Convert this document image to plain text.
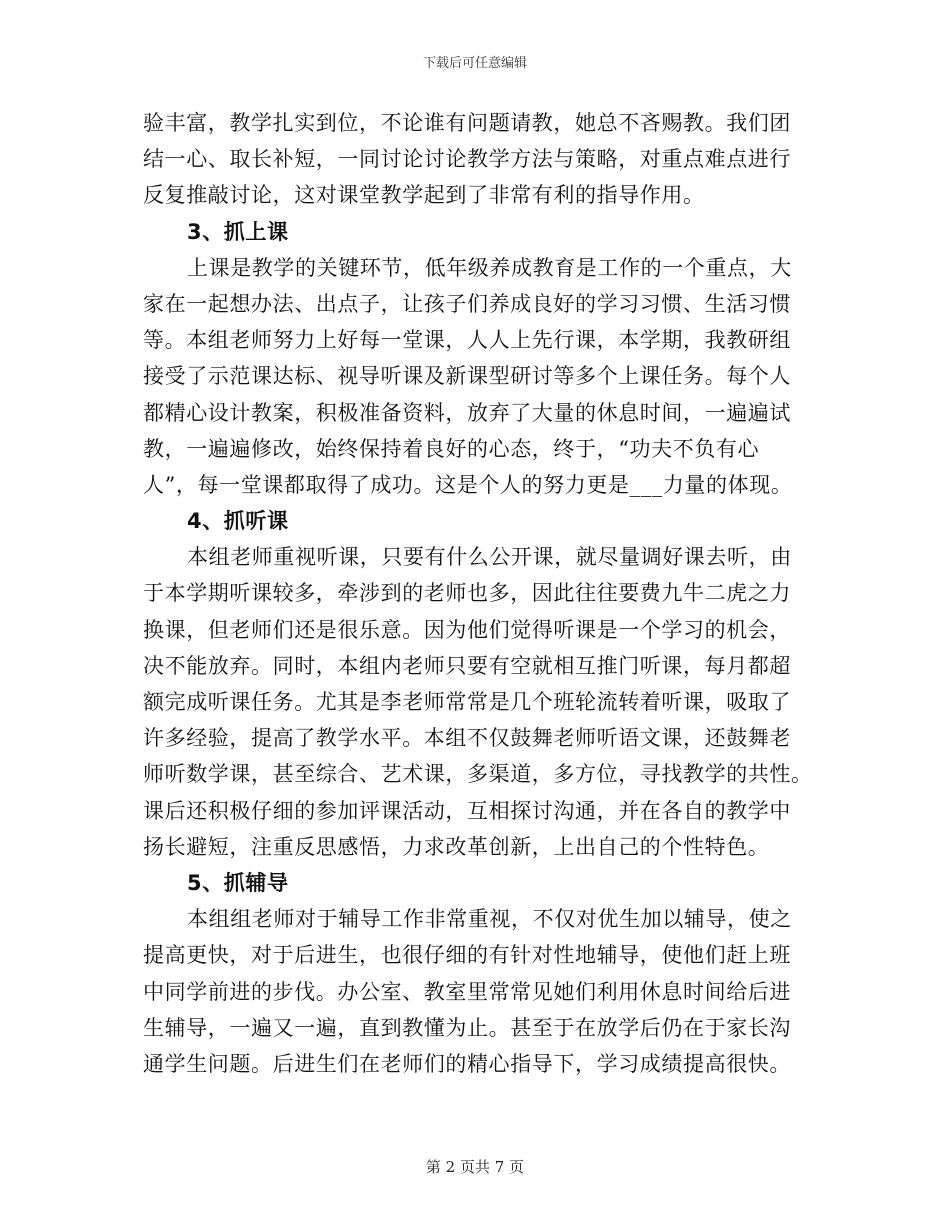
下载后可任意编辑
验丰富，教学扎实到位，不论谁有问题请教，她总不吝赐教。我们团
结一心、取长补短，一同讨论讨论教学方法与策略，对重点难点进行
反复推敲讨论，这对课堂教学起到了非常有利的指导作用。
3、抓上课
上课是教学的关键环节，低年级养成教育是工作的一个重点，大
家在一起想办法、出点子，让孩子们养成良好的学习习惯、生活习惯
等。本组老师努力上好每一堂课，人人上先行课，本学期，我教研组
接受了示范课达标、视导听课及新课型研讨等多个上课任务。每个人
都精心设计教案，积极准备资料，放弃了大量的休息时间，一遍遍试
教，一遍遍修改，始终保持着良好的心态，终于，“功夫不负有心
人”，每一堂课都取得了成功。这是个人的努力更是___力量的体现。
4、抓听课
本组老师重视听课，只要有什么公开课，就尽量调好课去听，由
于本学期听课较多，牵涉到的老师也多，因此往往要费九牛二虎之力
换课，但老师们还是很乐意。因为他们觉得听课是一个学习的机会，
决不能放弃。同时，本组内老师只要有空就相互推门听课，每月都超
额完成听课任务。尤其是李老师常常是几个班轮流转着听课，吸取了
许多经验，提高了教学水平。本组不仅鼓舞老师听语文课，还鼓舞老
师听数学课，甚至综合、艺术课，多渠道，多方位，寻找教学的共性。
课后还积极仔细的参加评课活动，互相探讨沟通，并在各自的教学中
扬长避短，注重反思感悟，力求改革创新，上出自己的个性特色。
5、抓辅导
本组组老师对于辅导工作非常重视，不仅对优生加以辅导，使之
提高更快，对于后进生，也很仔细的有针对性地辅导，使他们赶上班
中同学前进的步伐。办公室、教室里常常见她们利用休息时间给后进
生辅导，一遍又一遍，直到教懂为止。甚至于在放学后仍在于家长沟
通学生问题。后进生们在老师们的精心指导下，学习成绩提高很快。
第 2 页共 7 页
